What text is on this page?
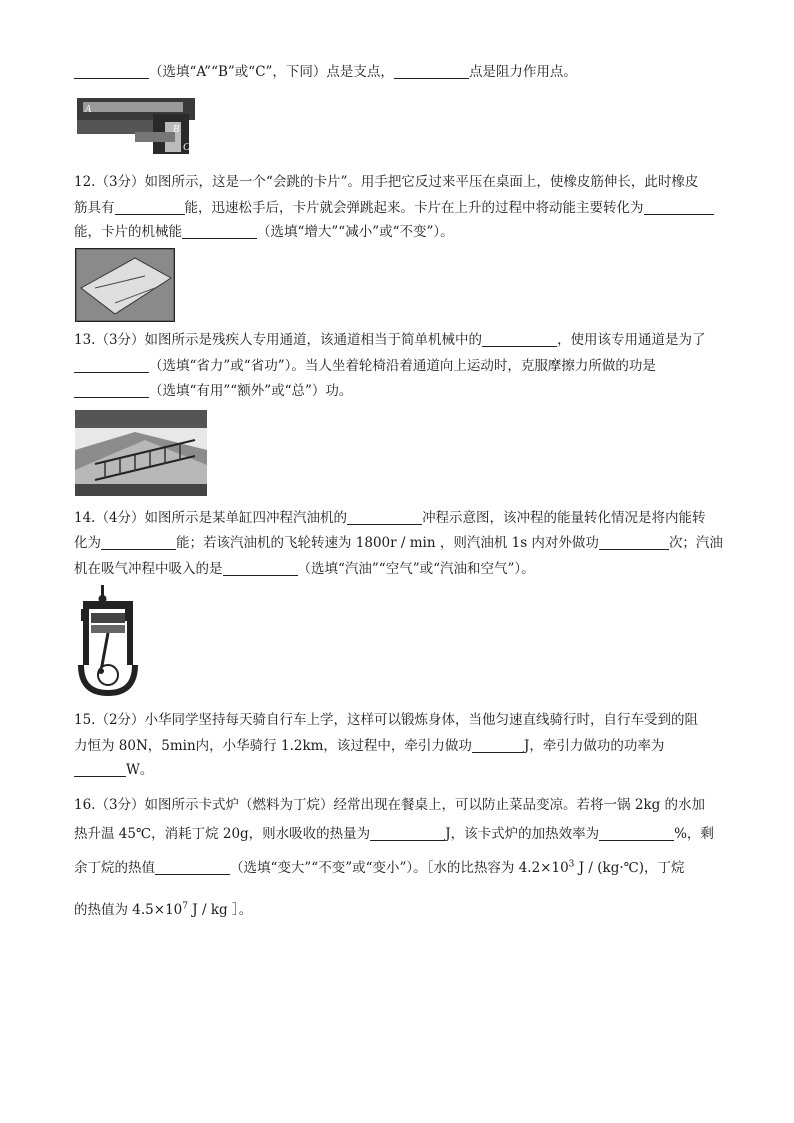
（选填“A”“B”或“C”，下同）点是支点，	点是阻力作用点。
A
B
C
12.（3分）如图所示，这是一个“会跳的卡片”。用手把它反过来平压在桌面上，使橡皮筋伸长，此时橡皮
筋具有	能，迅速松手后，卡片就会弹跳起来。卡片在上升的过程中将动能主要转化为
能，卡片的机械能	（选填“增大”“减小”或“不变”）。
13.（3分）如图所示是残疾人专用通道，该通道相当于简单机械中的	，使用该专用通道是为了
（选填“省力”或“省功”）。当人坐着轮椅沿着通道向上运动时，克服摩擦力所做的功是
（选填“有用”“额外”或“总”）功。
14.（4分）如图所示是某单缸四冲程汽油机的	冲程示意图，该冲程的能量转化情况是将内能转
化为	能；若该汽油机的飞轮转速为 1800r / min ，则汽油机 1s 内对外做功	次；汽油
机在吸气冲程中吸入的是	（选填“汽油”“空气”或“汽油和空气”）。
15.（2分）小华同学坚持每天骑自行车上学，这样可以锻炼身体，当他匀速直线骑行时，自行车受到的阻
力恒为 80N，5min内，小华骑行 1.2km，该过程中，牵引力做功	J，牵引力做功的功率为
W。
16.（3分）如图所示卡式炉（燃料为丁烷）经常出现在餐桌上，可以防止菜品变凉。若将一锅 2kg 的水加
热升温 45℃，消耗丁烷 20g，则水吸收的热量为	J，该卡式炉的加热效率为	%，剩
余丁烷的热值	（选填“变大”“不变”或“变小”）。［水的比热容为 $4.2\times 10^3$ J / (kg·℃)，丁烷
的热值为 $4.5\times 10^7$ J / kg ］。
